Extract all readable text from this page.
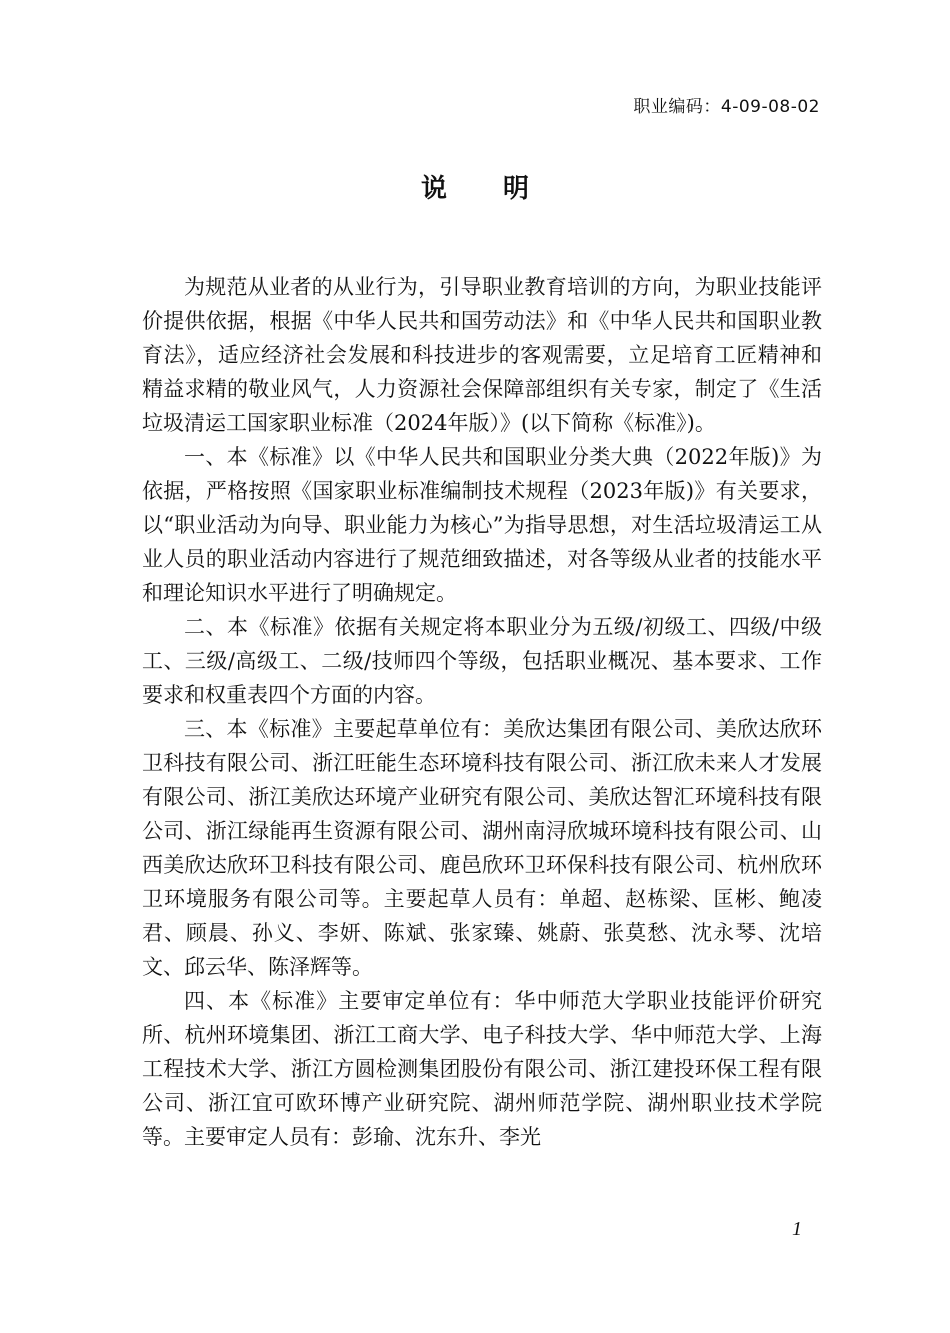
职业编码：4-09-08-02
说明

为规范从业者的从业行为，引导职业教育培训的方向，为职业技能评价提供依据，根据《中华人民共和国劳动法》和《中华人民共和国职业教育法》，适应经济社会发展和科技进步的客观需要，立足培育工匠精神和精益求精的敬业风气，人力资源社会保障部组织有关专家，制定了《生活垃圾清运工国家职业标准（2024年版）》(以下简称《标准》)。

一、本《标准》以《中华人民共和国职业分类大典（2022年版)》为依据，严格按照《国家职业标准编制技术规程（2023年版)》有关要求，以“职业活动为向导、职业能力为核心”为指导思想，对生活垃圾清运工从业人员的职业活动内容进行了规范细致描述，对各等级从业者的技能水平和理论知识水平进行了明确规定。

二、本《标准》依据有关规定将本职业分为五级/初级工、四级/中级工、三级/高级工、二级/技师四个等级，包括职业概况、基本要求、工作要求和权重表四个方面的内容。

三、本《标准》主要起草单位有：美欣达集团有限公司、美欣达欣环卫科技有限公司、浙江旺能生态环境科技有限公司、浙江欣未来人才发展有限公司、浙江美欣达环境产业研究有限公司、美欣达智汇环境科技有限公司、浙江绿能再生资源有限公司、湖州南浔欣城环境科技有限公司、山西美欣达欣环卫科技有限公司、鹿邑欣环卫环保科技有限公司、杭州欣环卫环境服务有限公司等。主要起草人员有：单超、赵栋梁、匡彬、鲍凌君、顾晨、孙义、李妍、陈斌、张家臻、姚蔚、张莫愁、沈永琴、沈培文、邱云华、陈泽辉等。

四、本《标准》主要审定单位有：华中师范大学职业技能评价研究所、杭州环境集团、浙江工商大学、电子科技大学、华中师范大学、上海工程技术大学、浙江方圆检测集团股份有限公司、浙江建投环保工程有限公司、浙江宜可欧环博产业研究院、湖州师范学院、湖州职业技术学院等。主要审定人员有：彭瑜、沈东升、李光

1
